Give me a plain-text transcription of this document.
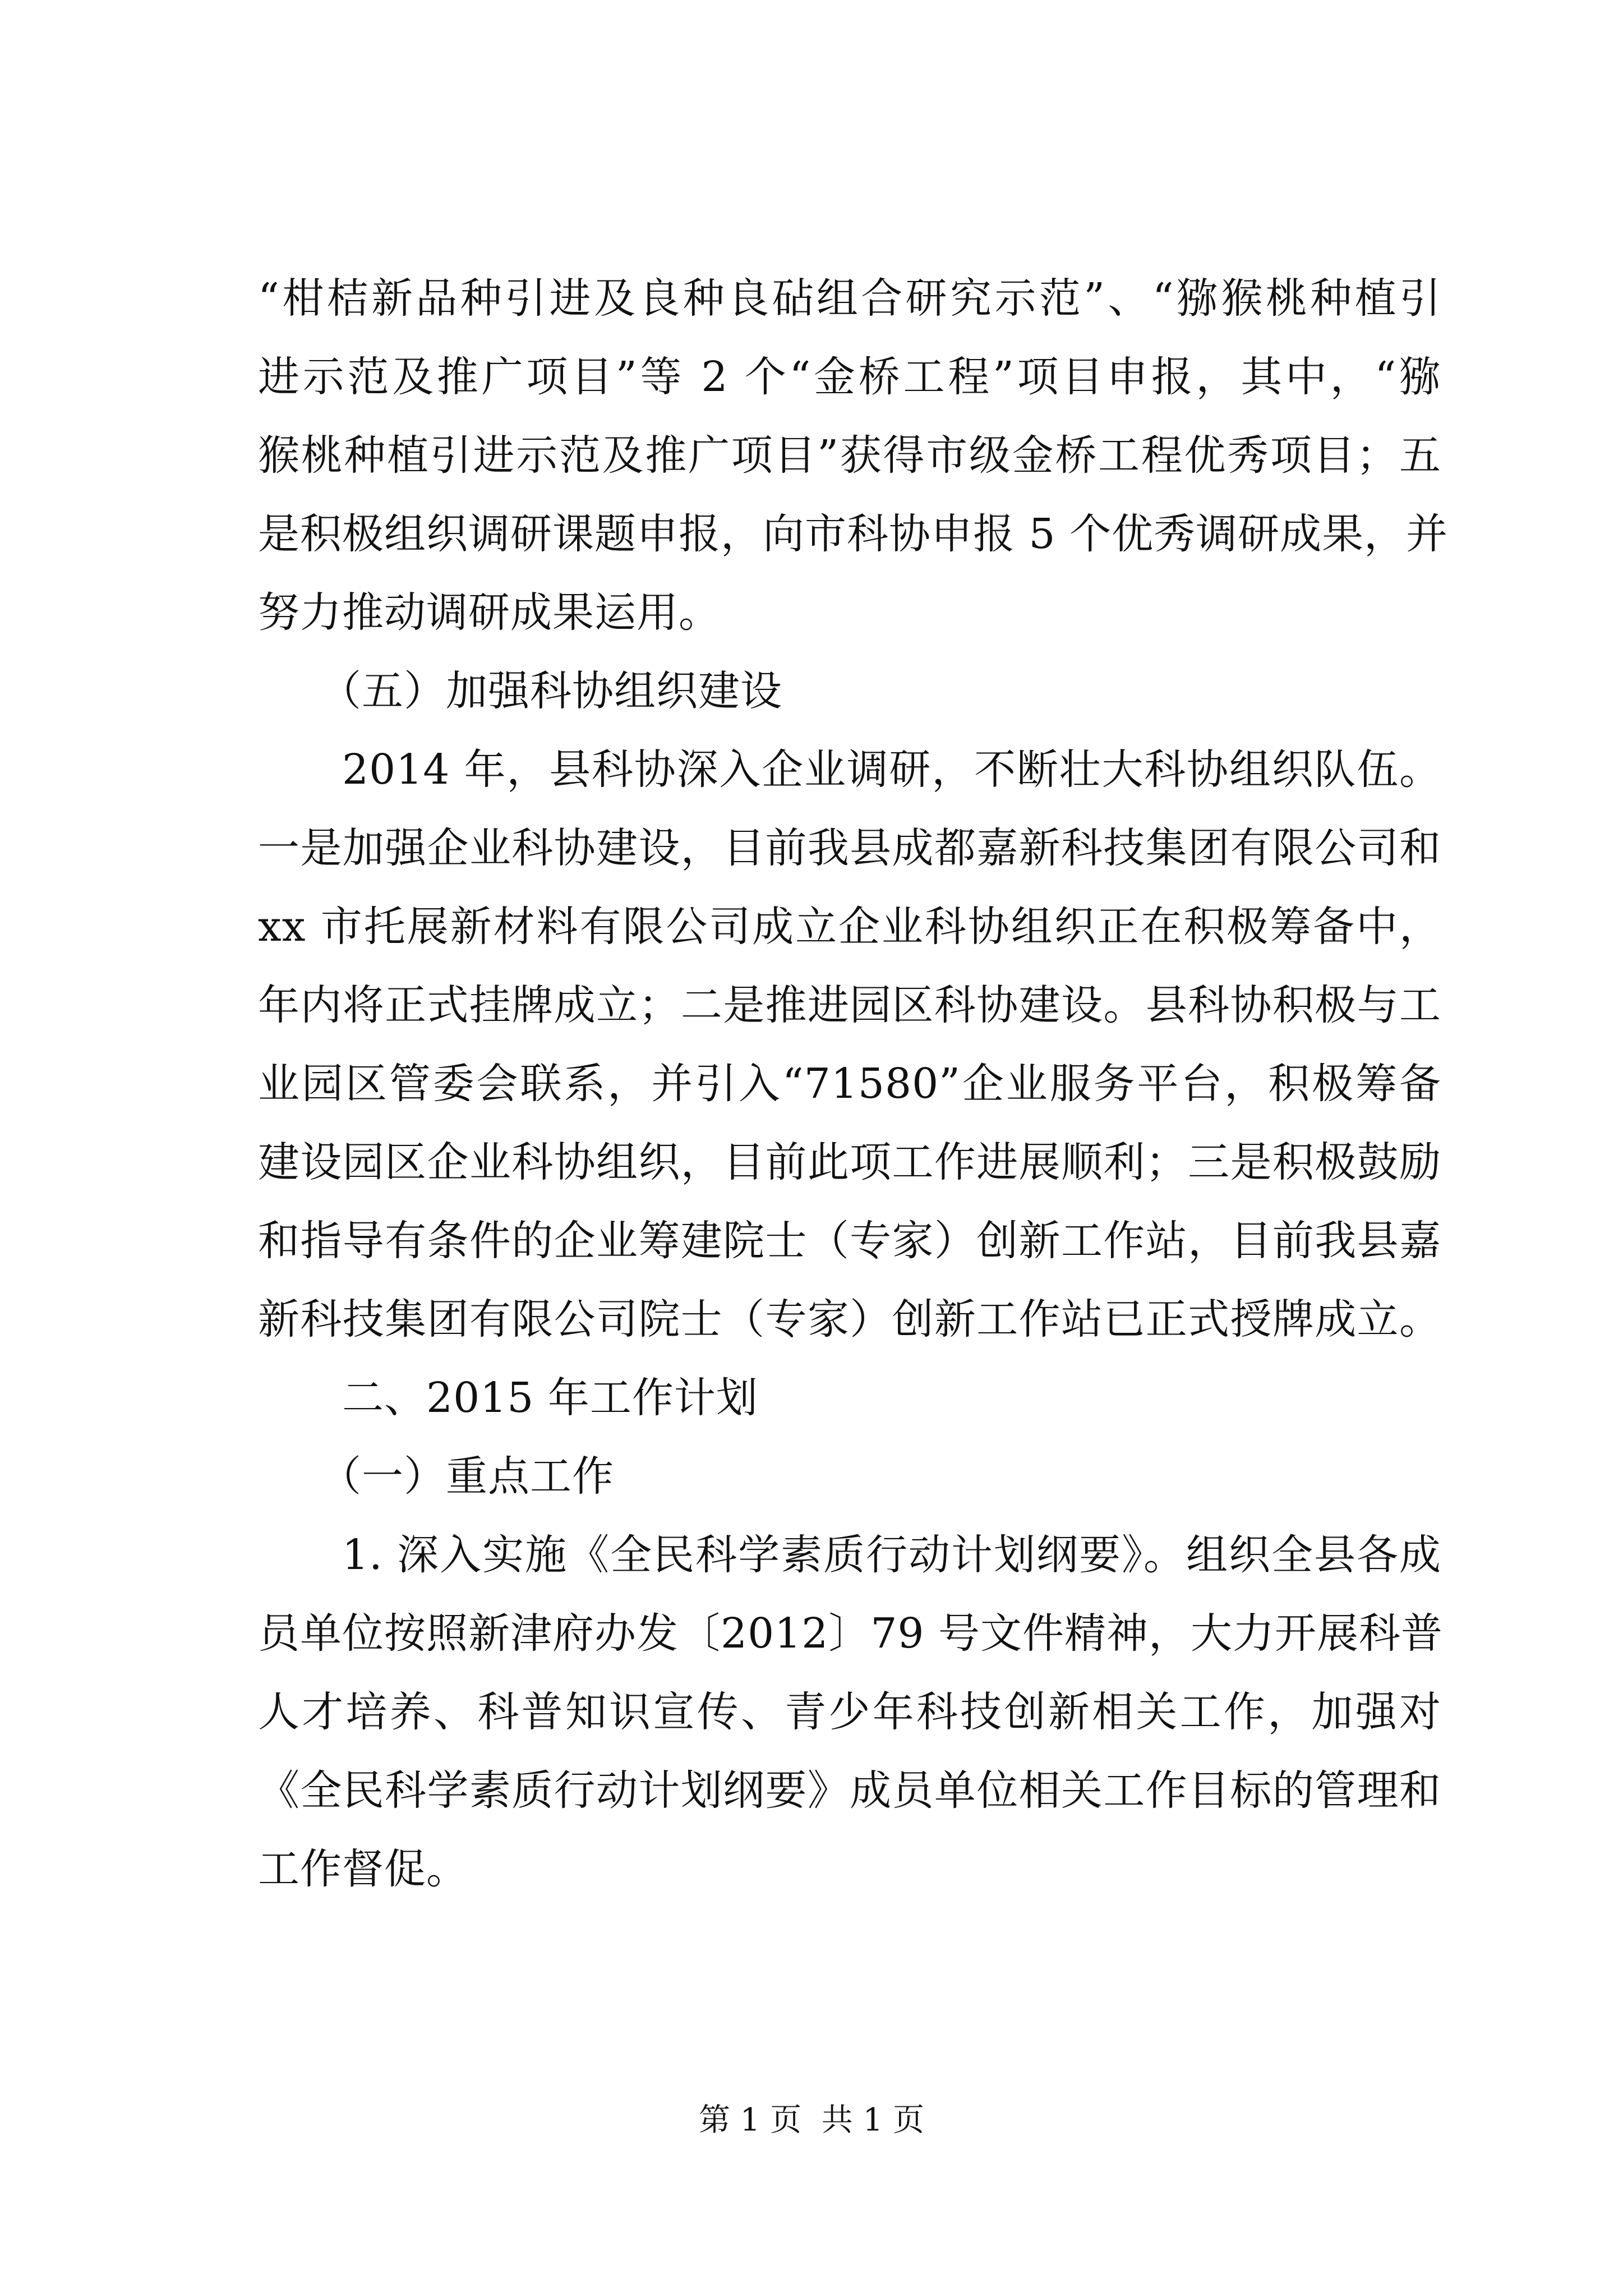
“柑桔新品种引进及良种良砧组合研究示范”、“猕猴桃种植引
进示范及推广项目”等 2 个“金桥工程”项目申报，其中，“猕
猴桃种植引进示范及推广项目”获得市级金桥工程优秀项目；五
是积极组织调研课题申报，向市科协申报 5 个优秀调研成果，并
努力推动调研成果运用。
（五）加强科协组织建设
2014 年，县科协深入企业调研，不断壮大科协组织队伍。
一是加强企业科协建设，目前我县成都嘉新科技集团有限公司和
xx 市托展新材料有限公司成立企业科协组织正在积极筹备中，
年内将正式挂牌成立；二是推进园区科协建设。县科协积极与工
业园区管委会联系，并引入“71580”企业服务平台，积极筹备
建设园区企业科协组织，目前此项工作进展顺利；三是积极鼓励
和指导有条件的企业筹建院士（专家）创新工作站，目前我县嘉
新科技集团有限公司院士（专家）创新工作站已正式授牌成立。
二、2015 年工作计划
（一）重点工作
1. 深入实施《全民科学素质行动计划纲要》。组织全县各成
员单位按照新津府办发〔2012〕79 号文件精神，大力开展科普
人才培养、科普知识宣传、青少年科技创新相关工作，加强对
《全民科学素质行动计划纲要》成员单位相关工作目标的管理和
工作督促。
第 1 页  共 1 页
